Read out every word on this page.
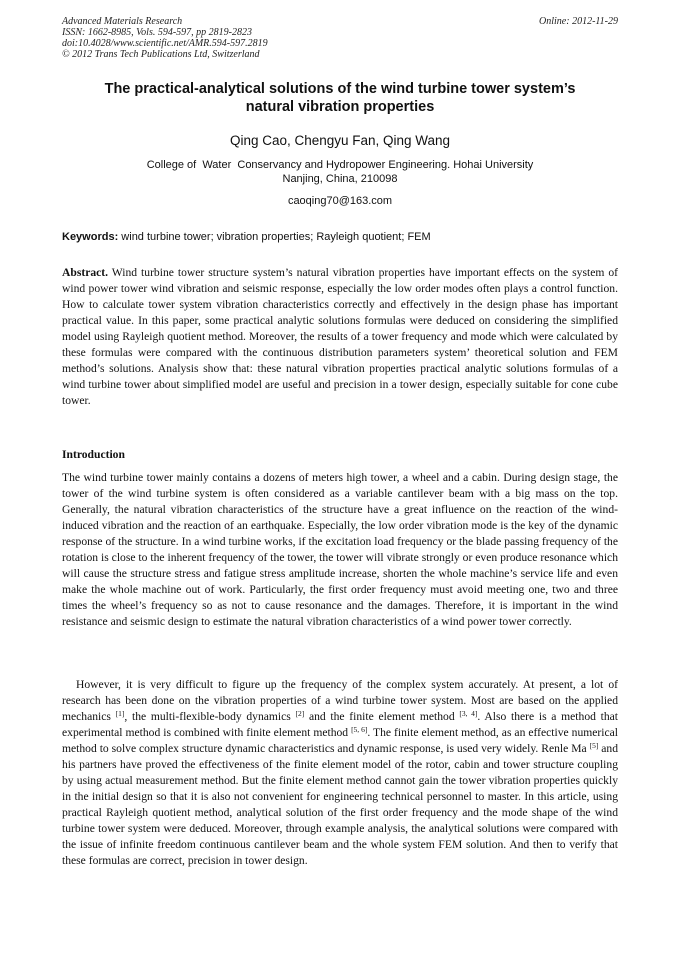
Advanced Materials Research
ISSN: 1662-8985, Vols. 594-597, pp 2819-2823
doi:10.4028/www.scientific.net/AMR.594-597.2819
© 2012 Trans Tech Publications Ltd, Switzerland
Online: 2012-11-29
The practical-analytical solutions of the wind turbine tower system’s
natural vibration properties
Qing Cao, Chengyu Fan, Qing Wang
College of  Water  Conservancy and Hydropower Engineering. Hohai University
Nanjing, China, 210098
caoqing70@163.com
Keywords: wind turbine tower; vibration properties; Rayleigh quotient; FEM
Abstract. Wind turbine tower structure system’s natural vibration properties have important effects on the system of wind power tower wind vibration and seismic response, especially the low order modes often plays a control function. How to calculate tower system vibration characteristics correctly and effectively in the design phase has important practical value. In this paper, some practical analytic solutions formulas were deduced on considering the simplified model using Rayleigh quotient method. Moreover, the results of a tower frequency and mode which were calculated by these formulas were compared with the continuous distribution parameters system’ theoretical solution and FEM method’s solutions. Analysis show that: these natural vibration properties practical analytic solutions formulas of a wind turbine tower about simplified model are useful and precision in a tower design, especially suitable for cone cube tower.
Introduction
The wind turbine tower mainly contains a dozens of meters high tower, a wheel and a cabin. During design stage, the tower of the wind turbine system is often considered as a variable cantilever beam with a big mass on the top. Generally, the natural vibration characteristics of the structure have a great influence on the reaction of the wind-induced vibration and the reaction of an earthquake. Especially, the low order vibration mode is the key of the dynamic response of the structure. In a wind turbine works, if the excitation load frequency or the blade passing frequency of the rotation is close to the inherent frequency of the tower, the tower will vibrate strongly or even produce resonance which will cause the structure stress and fatigue stress amplitude increase, shorten the whole machine’s service life and even make the whole machine out of work. Particularly, the first order frequency must avoid meeting one, two and three times the wheel’s frequency so as not to cause resonance and the damages. Therefore, it is important in the wind resistance and seismic design to estimate the natural vibration characteristics of a wind power tower correctly.
However, it is very difficult to figure up the frequency of the complex system accurately. At present, a lot of research has been done on the vibration properties of a wind turbine tower system. Most are based on the applied mechanics [1], the multi-flexible-body dynamics [2] and the finite element method [3, 4]. Also there is a method that experimental method is combined with finite element method [5, 6]. The finite element method, as an effective numerical method to solve complex structure dynamic characteristics and dynamic response, is used very widely. Renle Ma [5] and his partners have proved the effectiveness of the finite element model of the rotor, cabin and tower structure coupling by using actual measurement method. But the finite element method cannot gain the tower vibration properties quickly in the initial design so that it is also not convenient for engineering technical personnel to master. In this article, using practical Rayleigh quotient method, analytical solution of the first order frequency and the mode shape of the wind turbine tower system were deduced. Moreover, through example analysis, the analytical solutions were compared with the issue of infinite freedom continuous cantilever beam and the whole system FEM solution. And then to verify that these formulas are correct, precision in tower design.
